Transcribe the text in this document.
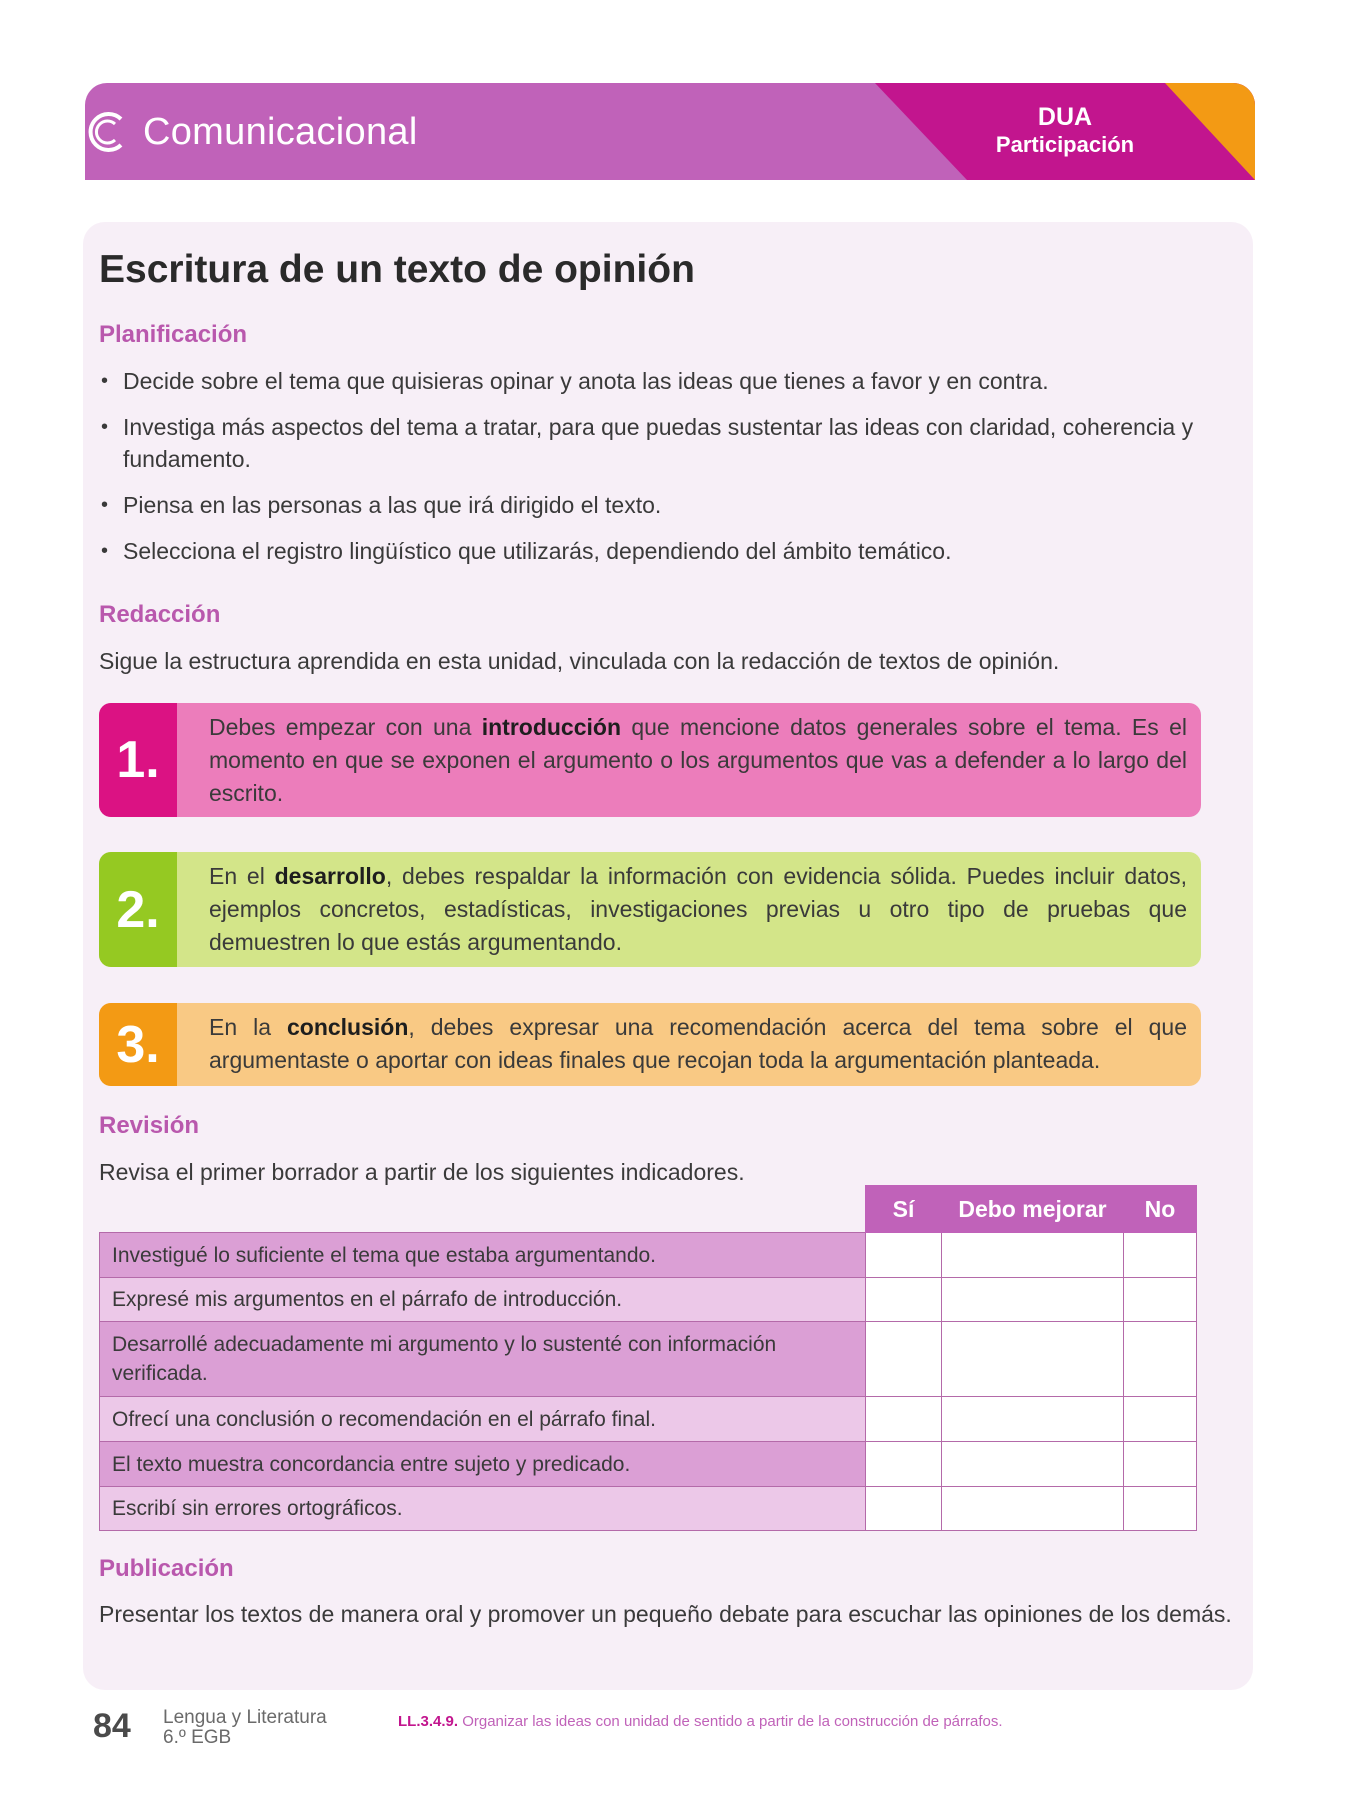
Comunicacional	DUA
Participación
Escritura de un texto de opinión
Planificación
• Decide sobre el tema que quisieras opinar y anota las ideas que tienes a favor y en contra.
• Investiga más aspectos del tema a tratar, para que puedas sustentar las ideas con claridad, coherencia y fundamento.
• Piensa en las personas a las que irá dirigido el texto.
• Selecciona el registro lingüístico que utilizarás, dependiendo del ámbito temático.
Redacción
Sigue la estructura aprendida en esta unidad, vinculada con la redacción de textos de opinión.
1.
Debes empezar con una introducción que mencione datos generales sobre el tema. Es el momento en que se exponen el argumento o los argumentos que vas a defender a lo largo del escrito.
2.
En el desarrollo, debes respaldar la información con evidencia sólida. Puedes incluir datos, ejemplos concretos, estadísticas, investigaciones previas u otro tipo de pruebas que demuestren lo que estás argumentando.
3.	En la conclusión, debes expresar una recomendación acerca del tema sobre el que argumentaste o aportar con ideas finales que recojan toda la argumentación planteada.
Revisión
Revisa el primer borrador a partir de los siguientes indicadores.
	Sí	Debo mejorar	No
Investigué lo suficiente el tema que estaba argumentando.			
Expresé mis argumentos en el párrafo de introducción.			
Desarrollé adecuadamente mi argumento y lo sustenté con información verificada.			
Ofrecí una conclusión o recomendación en el párrafo final.			
El texto muestra concordancia entre sujeto y predicado.			
Escribí sin errores ortográficos.			
Publicación
Presentar los textos de manera oral y promover un pequeño debate para escuchar las opiniones de los demás.
84 Lengua y Literatura
6.º EGB
LL.3.4.9. Organizar las ideas con unidad de sentido a partir de la construcción de párrafos.
